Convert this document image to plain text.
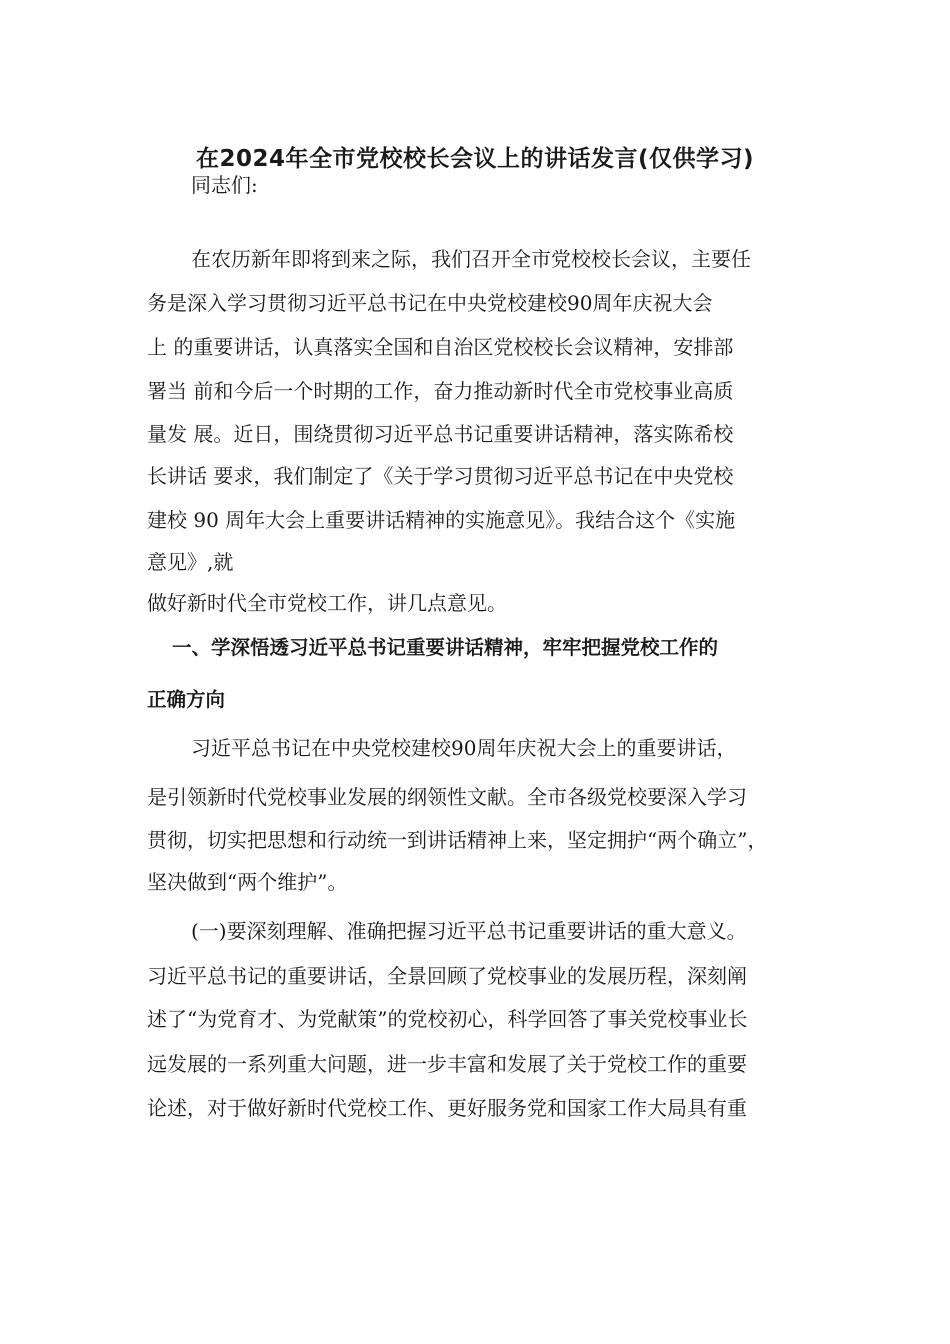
在2024年全市党校校长会议上的讲话发言(仅供学习)

同志们:

在农历新年即将到来之际，我们召开全市党校校长会议，主要任

务是深入学习贯彻习近平总书记在中央党校建校90周年庆祝大会

上 的重要讲话，认真落实全国和自治区党校校长会议精神，安排部

署当 前和今后一个时期的工作，奋力推动新时代全市党校事业高质

量发 展。近日，围绕贯彻习近平总书记重要讲话精神，落实陈希校

长讲话 要求，我们制定了《关于学习贯彻习近平总书记在中央党校

建校 90 周年大会上重要讲话精神的实施意见》。我结合这个《实施

意见》,就

做好新时代全市党校工作，讲几点意见。

一、学深悟透习近平总书记重要讲话精神，牢牢把握党校工作的

正确方向

习近平总书记在中央党校建校90周年庆祝大会上的重要讲话，

是引领新时代党校事业发展的纲领性文献。全市各级党校要深入学习

贯彻，切实把思想和行动统一到讲话精神上来，坚定拥护“两个确立”，

坚决做到“两个维护”。

(一)要深刻理解、准确把握习近平总书记重要讲话的重大意义。

习近平总书记的重要讲话，全景回顾了党校事业的发展历程，深刻阐

述了“为党育才、为党献策”的党校初心，科学回答了事关党校事业长

远发展的一系列重大问题，进一步丰富和发展了关于党校工作的重要

论述，对于做好新时代党校工作、更好服务党和国家工作大局具有重
